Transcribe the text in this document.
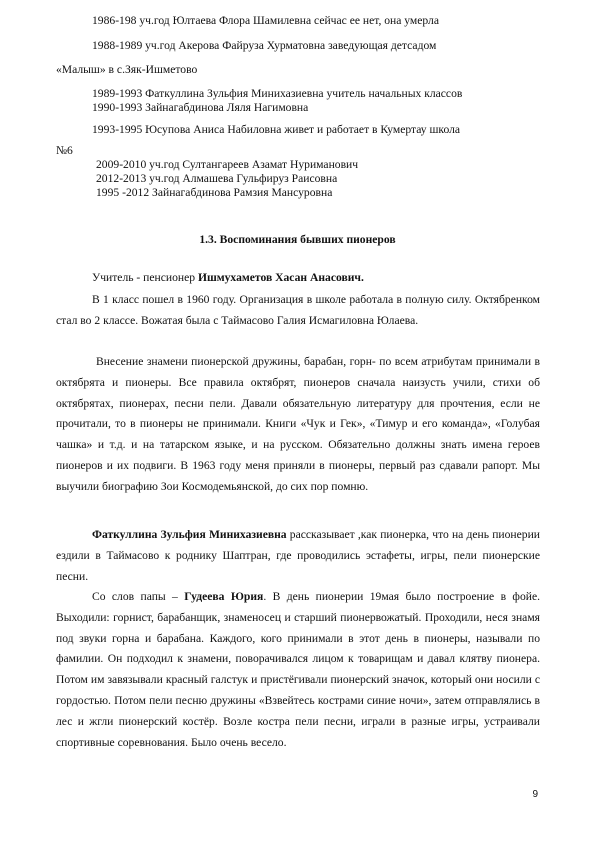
1986-198 уч.год Юлтаева Флора Шамилевна сейчас ее нет, она умерла
1988-1989 уч.год Акерова Файруза Хурматовна заведующая детсадом
«Малыш» в с.Зяк-Ишметово
1989-1993 Фаткуллина Зульфия Минихазиевна учитель начальных классов
1990-1993 Зайнагабдинова Ляля Нагимовна
1993-1995 Юсупова Аниса Набиловна живет и работает в Кумертау школа
№6
2009-2010 уч.год Султангареев Азамат Нуриманович
2012-2013 уч.год Алмашева Гульфируз Раисовна
1995 -2012 Зайнагабдинова Рамзия Мансуровна
1.3. Воспоминания бывших пионеров
Учитель - пенсионер Ишмухаметов Хасан Анасович.
В 1 класс пошел в 1960 году. Организация в школе работала в полную силу. Октябренком стал во 2 классе. Вожатая была с Таймасово Галия Исмагиловна Юлаева.
Внесение знамени пионерской дружины, барабан, горн- по всем атрибутам принимали в октябрята и пионеры. Все правила октябрят, пионеров сначала наизусть учили, стихи об октябрятах, пионерах, песни пели. Давали обязательную литературу для прочтения, если не прочитали, то в пионеры не принимали. Книги «Чук и Гек», «Тимур и его команда», «Голубая чашка» и т.д. и на татарском языке, и на русском. Обязательно должны знать имена героев пионеров и их подвиги. В 1963 году меня приняли в пионеры, первый раз сдавали рапорт. Мы выучили биографию Зои Космодемьянской, до сих пор помню.
Фаткуллина Зульфия Минихазиевна рассказывает ,как пионерка, что на день пионерии ездили в Таймасово к роднику Шаптран, где проводились эстафеты, игры, пели пионерские песни.
Со слов папы – Гудеева Юрия. В день пионерии 19мая было построение в фойе. Выходили: горнист, барабанщик, знаменосец и старший пионервожатый. Проходили, неся знамя под звуки горна и барабана. Каждого, кого принимали в этот день в пионеры, называли по фамилии. Он подходил к знамени, поворачивался лицом к товарищам и давал клятву пионера. Потом им завязывали красный галстук и пристёгивали пионерский значок, который они носили с гордостью. Потом пели песню дружины «Взвейтесь кострами синие ночи», затем отправлялись в лес и жгли пионерский костёр. Возле костра пели песни, играли в разные игры, устраивали спортивные соревнования. Было очень весело.
9
